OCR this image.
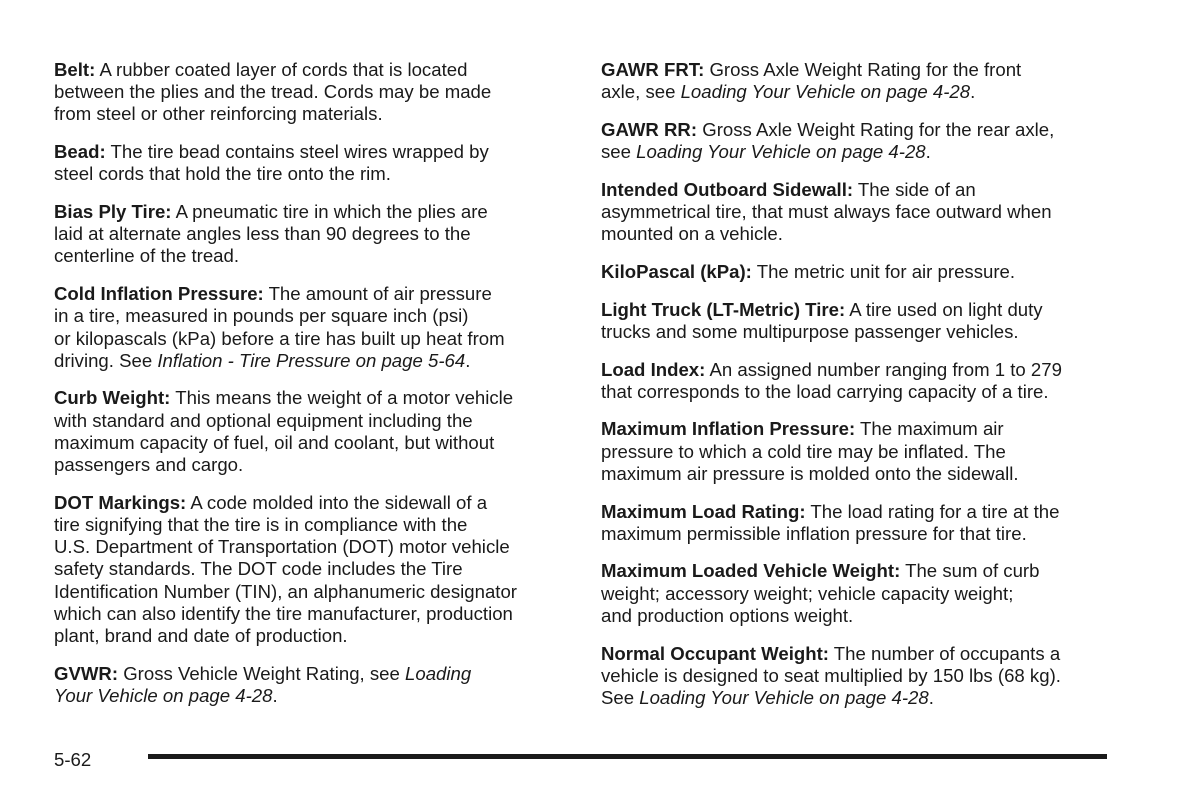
Belt: A rubber coated layer of cords that is located
between the plies and the tread. Cords may be made
from steel or other reinforcing materials.
Bead: The tire bead contains steel wires wrapped by
steel cords that hold the tire onto the rim.
Bias Ply Tire: A pneumatic tire in which the plies are
laid at alternate angles less than 90 degrees to the
centerline of the tread.
Cold Inflation Pressure: The amount of air pressure
in a tire, measured in pounds per square inch (psi)
or kilopascals (kPa) before a tire has built up heat from
driving. See Inflation - Tire Pressure on page 5-64.
Curb Weight: This means the weight of a motor vehicle
with standard and optional equipment including the
maximum capacity of fuel, oil and coolant, but without
passengers and cargo.
DOT Markings: A code molded into the sidewall of a
tire signifying that the tire is in compliance with the
U.S. Department of Transportation (DOT) motor vehicle
safety standards. The DOT code includes the Tire
Identification Number (TIN), an alphanumeric designator
which can also identify the tire manufacturer, production
plant, brand and date of production.
GVWR: Gross Vehicle Weight Rating, see Loading
Your Vehicle on page 4-28.
GAWR FRT: Gross Axle Weight Rating for the front
axle, see Loading Your Vehicle on page 4-28.
GAWR RR: Gross Axle Weight Rating for the rear axle,
see Loading Your Vehicle on page 4-28.
Intended Outboard Sidewall: The side of an
asymmetrical tire, that must always face outward when
mounted on a vehicle.
KiloPascal (kPa): The metric unit for air pressure.
Light Truck (LT-Metric) Tire: A tire used on light duty
trucks and some multipurpose passenger vehicles.
Load Index: An assigned number ranging from 1 to 279
that corresponds to the load carrying capacity of a tire.
Maximum Inflation Pressure: The maximum air
pressure to which a cold tire may be inflated. The
maximum air pressure is molded onto the sidewall.
Maximum Load Rating: The load rating for a tire at the
maximum permissible inflation pressure for that tire.
Maximum Loaded Vehicle Weight: The sum of curb
weight; accessory weight; vehicle capacity weight;
and production options weight.
Normal Occupant Weight: The number of occupants a
vehicle is designed to seat multiplied by 150 lbs (68 kg).
See Loading Your Vehicle on page 4-28.
5-62
